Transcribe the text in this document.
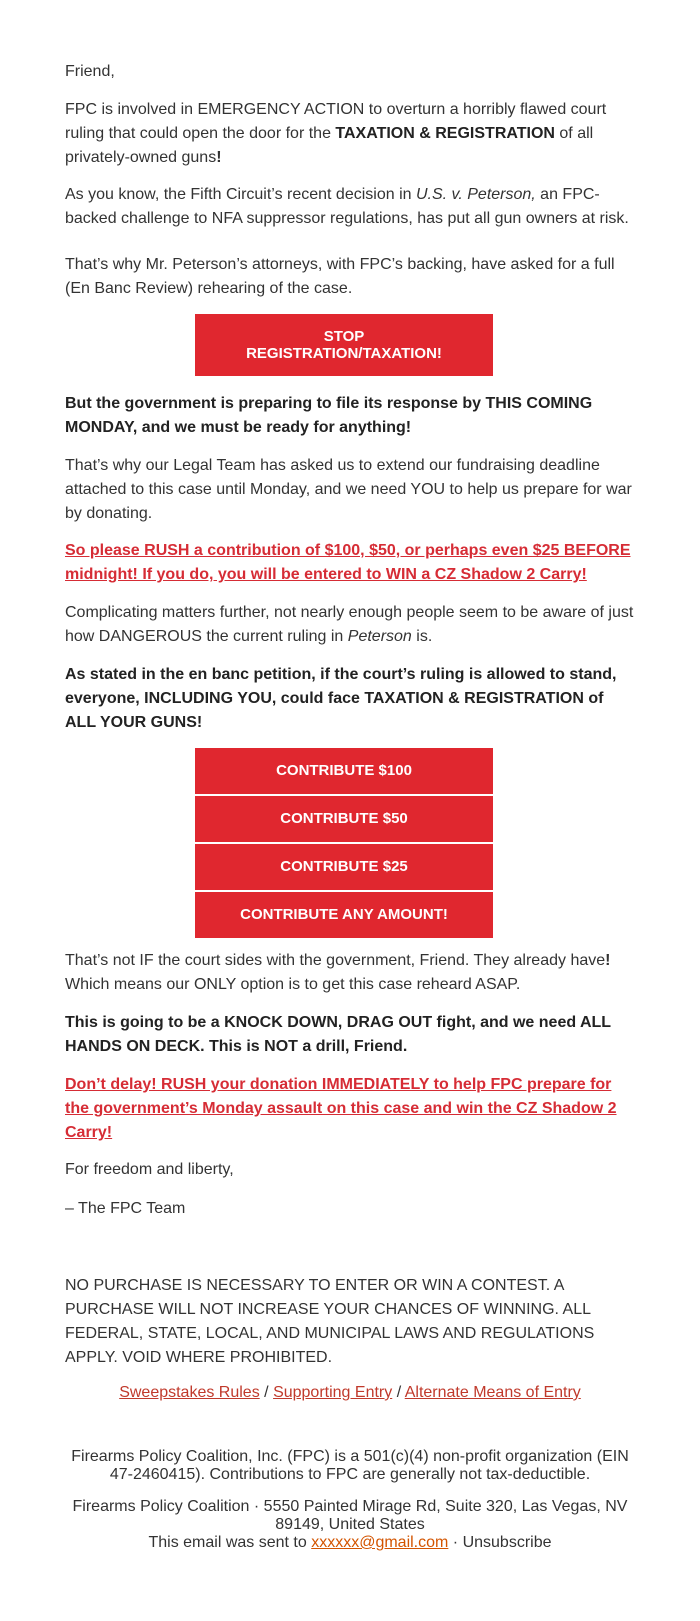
Friend,

FPC is involved in EMERGENCY ACTION to overturn a horribly flawed court ruling that could open the door for the TAXATION & REGISTRATION of all privately-owned guns!

As you know, the Fifth Circuit’s recent decision in U.S. v. Peterson, an FPC-backed challenge to NFA suppressor regulations, has put all gun owners at risk.

That’s why Mr. Peterson’s attorneys, with FPC’s backing, have asked for a full (En Banc Review) rehearing of the case.

STOP
REGISTRATION/TAXATION!

But the government is preparing to file its response by THIS COMING MONDAY, and we must be ready for anything!

That’s why our Legal Team has asked us to extend our fundraising deadline attached to this case until Monday, and we need YOU to help us prepare for war by donating.

So please RUSH a contribution of $100, $50, or perhaps even $25 BEFORE midnight! If you do, you will be entered to WIN a CZ Shadow 2 Carry!

Complicating matters further, not nearly enough people seem to be aware of just how DANGEROUS the current ruling in Peterson is.

As stated in the en banc petition, if the court’s ruling is allowed to stand, everyone, INCLUDING YOU, could face TAXATION & REGISTRATION of ALL YOUR GUNS!

CONTRIBUTE $100
CONTRIBUTE $50
CONTRIBUTE $25
CONTRIBUTE ANY AMOUNT!

That’s not IF the court sides with the government, Friend. They already have! Which means our ONLY option is to get this case reheard ASAP.

This is going to be a KNOCK DOWN, DRAG OUT fight, and we need ALL HANDS ON DECK. This is NOT a drill, Friend.

Don’t delay! RUSH your donation IMMEDIATELY to help FPC prepare for the government’s Monday assault on this case and win the CZ Shadow 2 Carry!

For freedom and liberty,

– The FPC Team

NO PURCHASE IS NECESSARY TO ENTER OR WIN A CONTEST. A PURCHASE WILL NOT INCREASE YOUR CHANCES OF WINNING. ALL FEDERAL, STATE, LOCAL, AND MUNICIPAL LAWS AND REGULATIONS APPLY. VOID WHERE PROHIBITED.

Sweepstakes Rules / Supporting Entry / Alternate Means of Entry

Firearms Policy Coalition, Inc. (FPC) is a 501(c)(4) non-profit organization (EIN 47-2460415). Contributions to FPC are generally not tax-deductible.

Firearms Policy Coalition · 5550 Painted Mirage Rd, Suite 320, Las Vegas, NV 89149, United States

This email was sent to xxxxxx@gmail.com · Unsubscribe
